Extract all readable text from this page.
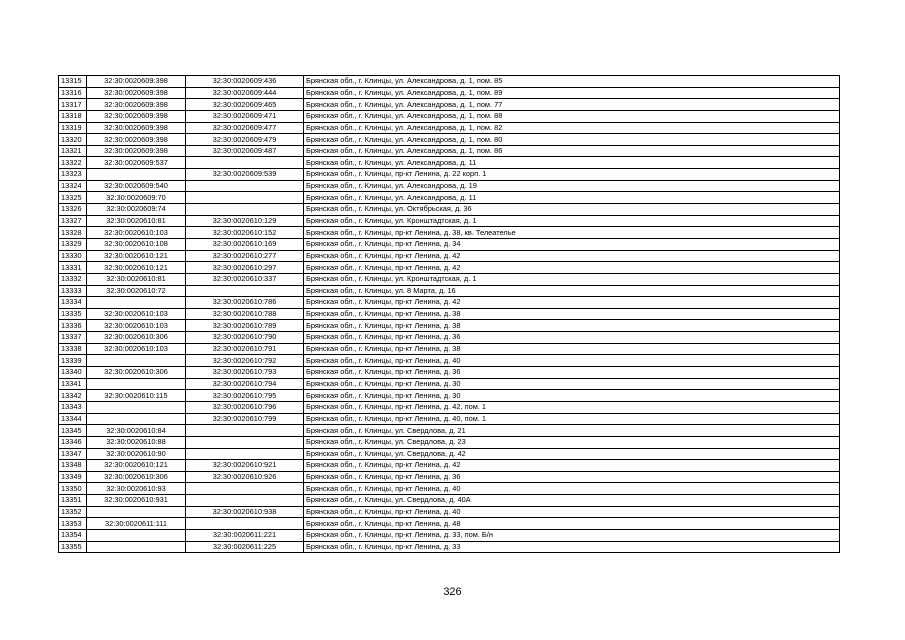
13315	32:30:0020609:398	32:30:0020609:436	Брянская обл., г. Клинцы, ул. Александрова, д. 1, пом. 85
13316	32:30:0020609:398	32:30:0020609:444	Брянская обл., г. Клинцы, ул. Александрова, д. 1, пом. 89
13317	32:30:0020609:398	32:30:0020609:465	Брянская обл., г. Клинцы, ул. Александрова, д. 1, пом. 77
13318	32:30:0020609:398	32:30:0020609:471	Брянская обл., г. Клинцы, ул. Александрова, д. 1, пом. 88
13319	32:30:0020609:398	32:30:0020609:477	Брянская обл., г. Клинцы, ул. Александрова, д. 1, пом. 82
13320	32:30:0020609:398	32:30:0020609:479	Брянская обл., г. Клинцы, ул. Александрова, д. 1, пом. 80
13321	32:30:0020609:398	32:30:0020609:487	Брянская обл., г. Клинцы, ул. Александрова, д. 1, пом. 86
13322	32:30:0020609:537		Брянская обл., г. Клинцы, ул. Александрова, д. 11
13323		32:30:0020609:539	Брянская обл., г. Клинцы, пр-кт Ленина, д. 22 корп. 1
13324	32:30:0020609:540		Брянская обл., г. Клинцы, ул. Александрова, д. 19
13325	32:30:0020609:70		Брянская обл., г. Клинцы, ул. Александрова, д. 11
13326	32:30:0020609:74		Брянская обл., г. Клинцы, ул. Октябрьская, д. 36
13327	32:30:0020610:81	32:30:0020610:129	Брянская обл., г. Клинцы, ул. Кронштадтская, д. 1
13328	32:30:0020610:103	32:30:0020610:152	Брянская обл., г. Клинцы, пр-кт Ленина, д. 38, кв. Телеателье
13329	32:30:0020610:108	32:30:0020610:169	Брянская обл., г. Клинцы, пр-кт Ленина, д. 34
13330	32:30:0020610:121	32:30:0020610:277	Брянская обл., г. Клинцы, пр-кт Ленина, д. 42
13331	32:30:0020610:121	32:30:0020610:297	Брянская обл., г. Клинцы, пр-кт Ленина, д. 42
13332	32:30:0020610:81	32:30:0020610:337	Брянская обл., г. Клинцы, ул. Кронштадтская, д. 1
13333	32:30:0020610:72		Брянская обл., г. Клинцы, ул. 8 Марта, д. 16
13334		32:30:0020610:786	Брянская обл., г. Клинцы, пр-кт Ленина, д. 42
13335	32:30:0020610:103	32:30:0020610:788	Брянская обл., г. Клинцы, пр-кт Ленина, д. 38
13336	32:30:0020610:103	32:30:0020610:789	Брянская обл., г. Клинцы, пр-кт Ленина, д. 38
13337	32:30:0020610:306	32:30:0020610:790	Брянская обл., г. Клинцы, пр-кт Ленина, д. 36
13338	32:30:0020610:103	32:30:0020610:791	Брянская обл., г. Клинцы, пр-кт Ленина, д. 38
13339		32:30:0020610:792	Брянская обл., г. Клинцы, пр-кт Ленина, д. 40
13340	32:30:0020610:306	32:30:0020610:793	Брянская обл., г. Клинцы, пр-кт Ленина, д. 36
13341		32:30:0020610:794	Брянская обл., г. Клинцы, пр-кт Ленина, д. 30
13342	32:30:0020610:115	32:30:0020610:795	Брянская обл., г. Клинцы, пр-кт Ленина, д. 30
13343		32:30:0020610:796	Брянская обл., г. Клинцы, пр-кт Ленина, д. 42, пом. 1
13344		32:30:0020610:799	Брянская обл., г. Клинцы, пр-кт Ленина, д. 40, пом. 1
13345	32:30:0020610:84		Брянская обл., г. Клинцы, ул. Свердлова, д. 21
13346	32:30:0020610:88		Брянская обл., г. Клинцы, ул. Свердлова, д. 23
13347	32:30:0020610:90		Брянская обл., г. Клинцы, ул. Свердлова, д. 42
13348	32:30:0020610:121	32:30:0020610:921	Брянская обл., г. Клинцы, пр-кт Ленина, д. 42
13349	32:30:0020610:306	32:30:0020610:926	Брянская обл., г. Клинцы, пр-кт Ленина, д. 36
13350	32:30:0020610:93		Брянская обл., г. Клинцы, пр-кт Ленина, д. 40
13351	32:30:0020610:931		Брянская обл., г. Клинцы, ул. Свердлова, д. 40А
13352		32:30:0020610:938	Брянская обл., г. Клинцы, пр-кт Ленина, д. 40
13353	32:30:0020611:111		Брянская обл., г. Клинцы, пр-кт Ленина, д. 48
13354		32:30:0020611:221	Брянская обл., г. Клинцы, пр-кт Ленина, д. 33, пом. Б/н
13355		32:30:0020611:225	Брянская обл., г. Клинцы, пр-кт Ленина, д. 33
326
